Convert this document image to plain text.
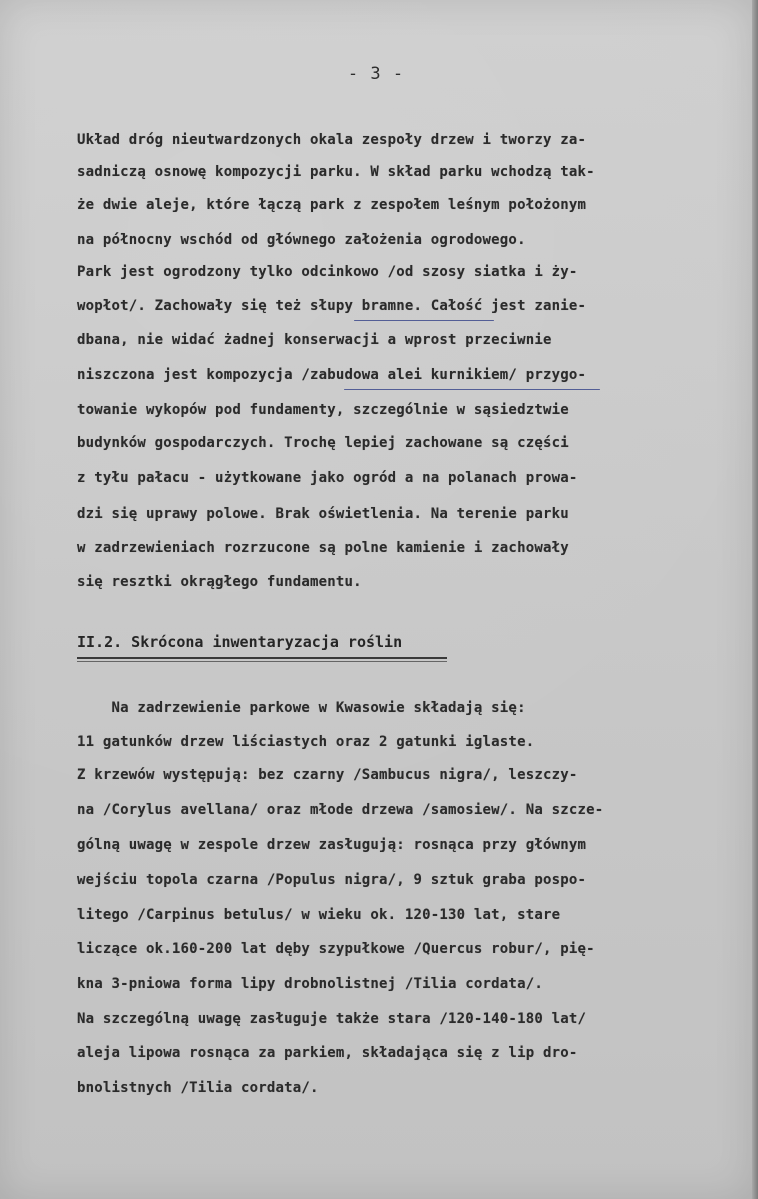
- 3 -
Układ dróg nieutwardzonych okala zespoły drzew i tworzy za-
sadniczą osnowę kompozycji parku. W skład parku wchodzą tak-
że dwie aleje, które łączą park z zespołem leśnym położonym
na północny wschód od głównego założenia ogrodowego.
Park jest ogrodzony tylko odcinkowo /od szosy siatka i ży-
wopłot/. Zachowały się też słupy bramne. Całość jest zanie-
dbana, nie widać żadnej konserwacji a wprost przeciwnie
niszczona jest kompozycja /zabudowa alei kurnikiem/ przygo-
towanie wykopów pod fundamenty, szczególnie w sąsiedztwie
budynków gospodarczych. Trochę lepiej zachowane są części
z tyłu pałacu - użytkowane jako ogród a na polanach prowa-
dzi się uprawy polowe. Brak oświetlenia. Na terenie parku
w zadrzewieniach rozrzucone są polne kamienie i zachowały
się resztki okrągłego fundamentu.
II.2. Skrócona inwentaryzacja roślin
Na zadrzewienie parkowe w Kwasowie składają się:
11 gatunków drzew liściastych oraz 2 gatunki iglaste.
Z krzewów występują: bez czarny /Sambucus nigra/, leszczy-
na /Corylus avellana/ oraz młode drzewa /samosiew/. Na szcze-
gólną uwagę w zespole drzew zasługują: rosnąca przy głównym
wejściu topola czarna /Populus nigra/, 9 sztuk graba pospo-
litego /Carpinus betulus/ w wieku ok. 120-130 lat, stare
liczące ok.160-200 lat dęby szypułkowe /Quercus robur/, pię-
kna 3-pniowa forma lipy drobnolistnej /Tilia cordata/.
Na szczególną uwagę zasługuje także stara /120-140-180 lat/
aleja lipowa rosnąca za parkiem, składająca się z lip dro-
bnolistnych /Tilia cordata/.
